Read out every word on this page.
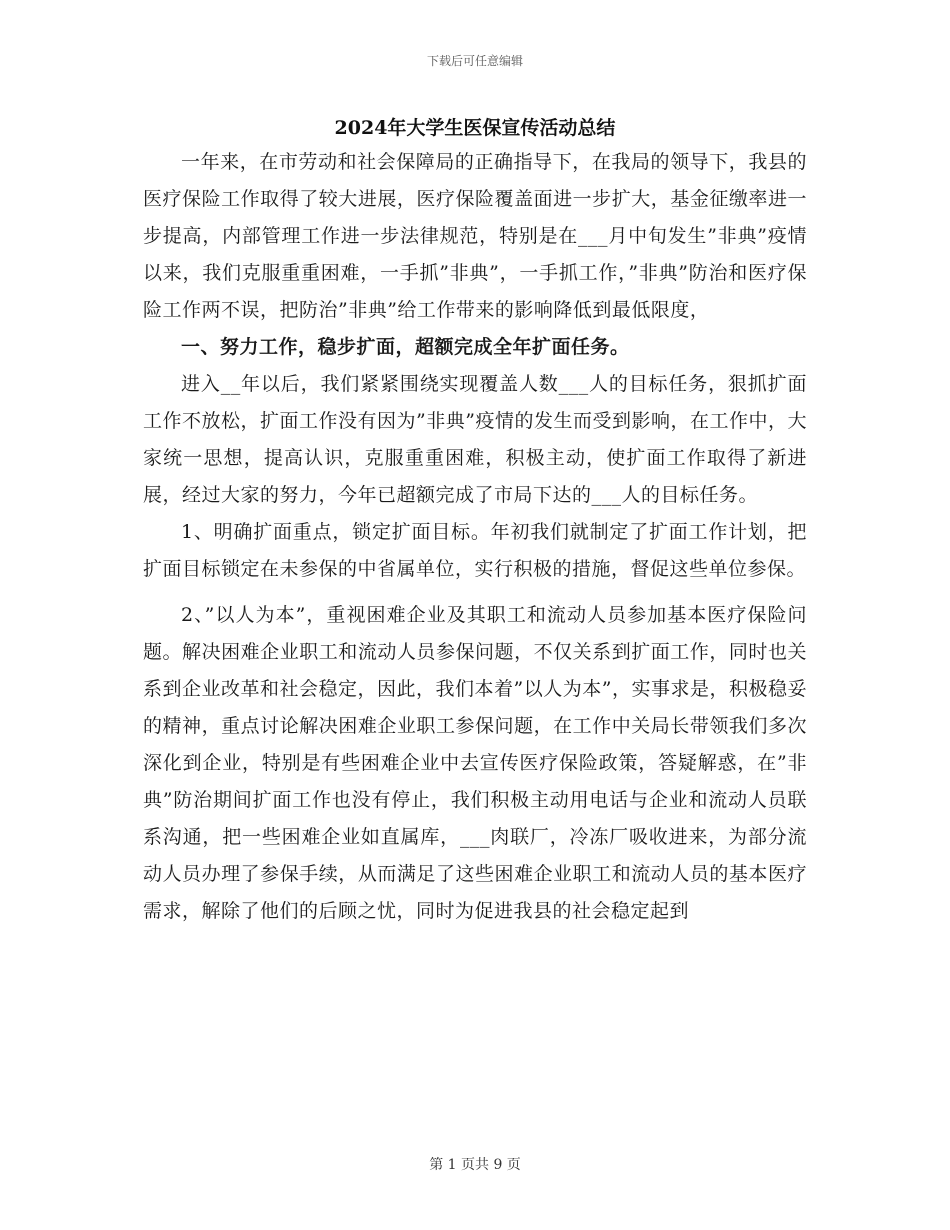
下载后可任意编辑
2024年大学生医保宣传活动总结

一年来，在市劳动和社会保障局的正确指导下，在我局的领导下，我县的医疗保险工作取得了较大进展，医疗保险覆盖面进一步扩大，基金征缴率进一步提高，内部管理工作进一步法律规范，特别是在___月中旬发生”非典”疫情以来，我们克服重重困难，一手抓”非典”，一手抓工作，”非典”防治和医疗保险工作两不误，把防治”非典”给工作带来的影响降低到最低限度，

一、努力工作，稳步扩面，超额完成全年扩面任务。

进入__年以后，我们紧紧围绕实现覆盖人数___人的目标任务，狠抓扩面工作不放松，扩面工作没有因为”非典”疫情的发生而受到影响，在工作中，大家统一思想，提高认识，克服重重困难，积极主动，使扩面工作取得了新进展，经过大家的努力，今年已超额完成了市局下达的___人的目标任务。

1、明确扩面重点，锁定扩面目标。年初我们就制定了扩面工作计划，把扩面目标锁定在未参保的中省属单位，实行积极的措施，督促这些单位参保。

2、”以人为本”，重视困难企业及其职工和流动人员参加基本医疗保险问题。解决困难企业职工和流动人员参保问题，不仅关系到扩面工作，同时也关系到企业改革和社会稳定，因此，我们本着”以人为本”，实事求是，积极稳妥的精神，重点讨论解决困难企业职工参保问题，在工作中关局长带领我们多次深化到企业，特别是有些困难企业中去宣传医疗保险政策，答疑解惑，在”非典”防治期间扩面工作也没有停止，我们积极主动用电话与企业和流动人员联系沟通，把一些困难企业如直属库，___肉联厂，冷冻厂吸收进来，为部分流动人员办理了参保手续，从而满足了这些困难企业职工和流动人员的基本医疗需求，解除了他们的后顾之忧，同时为促进我县的社会稳定起到

第 1 页共 9 页
